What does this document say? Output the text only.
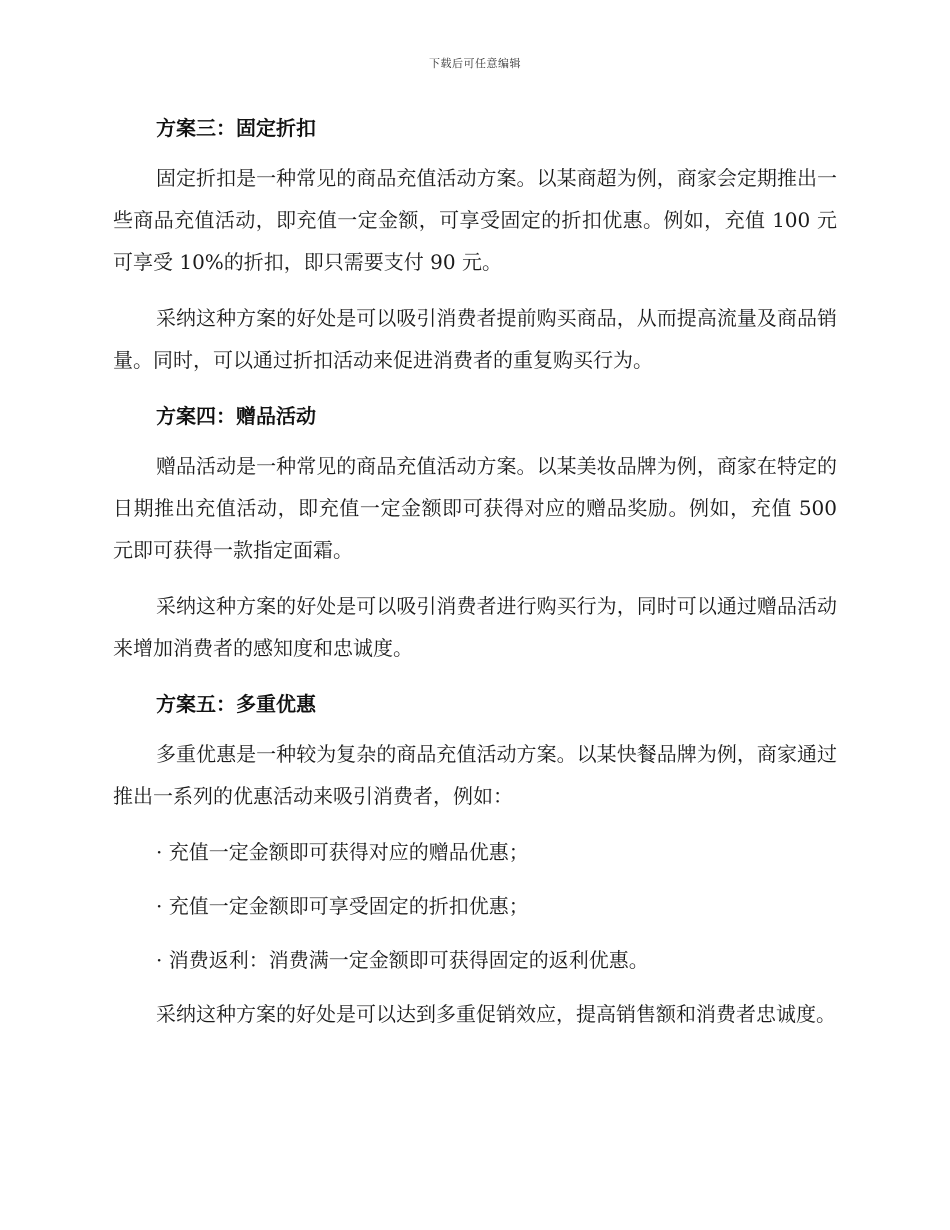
下载后可任意编辑
方案三：固定折扣

固定折扣是一种常见的商品充值活动方案。以某商超为例，商家会定期推出一些商品充值活动，即充值一定金额，可享受固定的折扣优惠。例如，充值 100 元可享受 10%的折扣，即只需要支付 90 元。

采纳这种方案的好处是可以吸引消费者提前购买商品，从而提高流量及商品销量。同时，可以通过折扣活动来促进消费者的重复购买行为。

方案四：赠品活动

赠品活动是一种常见的商品充值活动方案。以某美妆品牌为例，商家在特定的日期推出充值活动，即充值一定金额即可获得对应的赠品奖励。例如，充值 500 元即可获得一款指定面霜。

采纳这种方案的好处是可以吸引消费者进行购买行为，同时可以通过赠品活动来增加消费者的感知度和忠诚度。

方案五：多重优惠

多重优惠是一种较为复杂的商品充值活动方案。以某快餐品牌为例，商家通过推出一系列的优惠活动来吸引消费者，例如：

· 充值一定金额即可获得对应的赠品优惠；
· 充值一定金额即可享受固定的折扣优惠；
· 消费返利：消费满一定金额即可获得固定的返利优惠。

采纳这种方案的好处是可以达到多重促销效应，提高销售额和消费者忠诚度。
